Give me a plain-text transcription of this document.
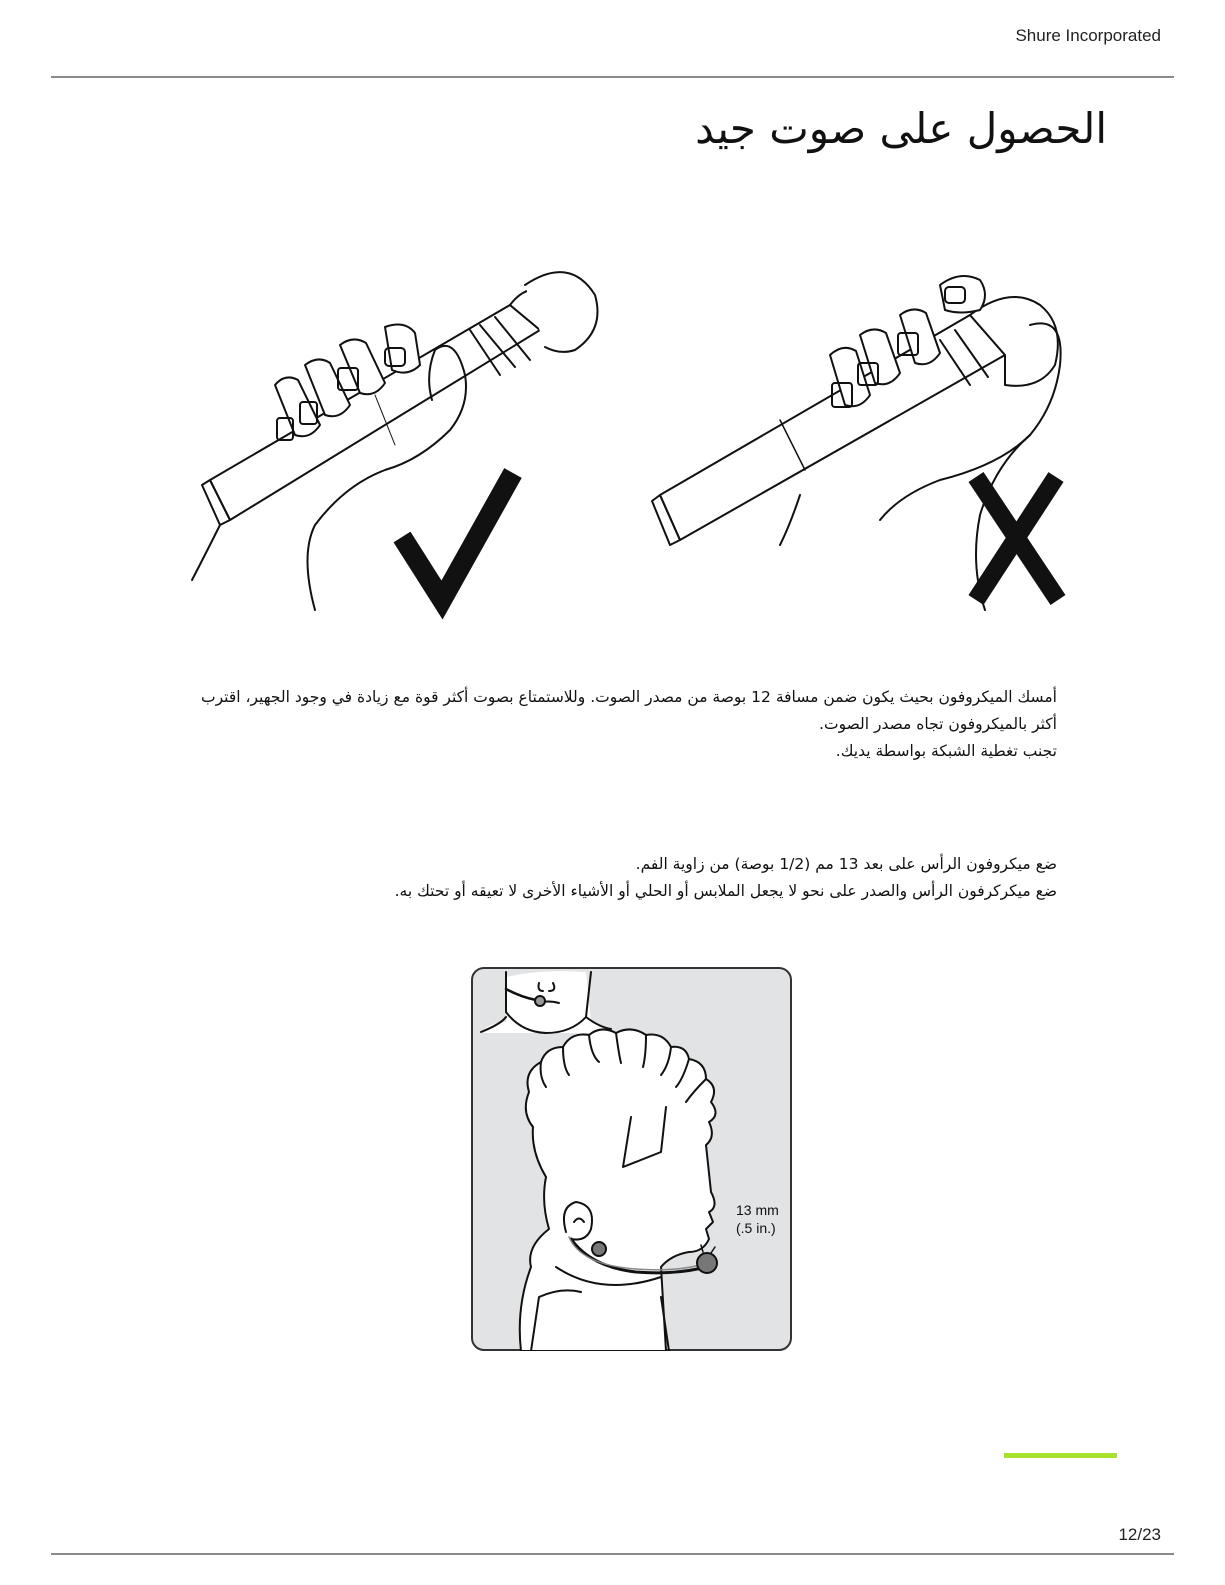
Shure Incorporated
الحصول على صوت جيد

أمسك الميكروفون بحيث يكون ضمن مسافة 12 بوصة من مصدر الصوت. وللاستمتاع بصوت أكثر قوة مع زيادة في وجود الجهير، اقترب أكثر بالميكروفون تجاه مصدر الصوت.

تجنب تغطية الشبكة بواسطة يديك.

ضع ميكروفون الرأس على بعد 13 مم (1/2 بوصة) من زاوية الفم.

ضع ميكركرفون الرأس والصدر على نحو لا يجعل الملابس أو الحلي أو الأشياء الأخرى لا تعيقه أو تحتك به.

13 mm
(.5 in.)
12/23
